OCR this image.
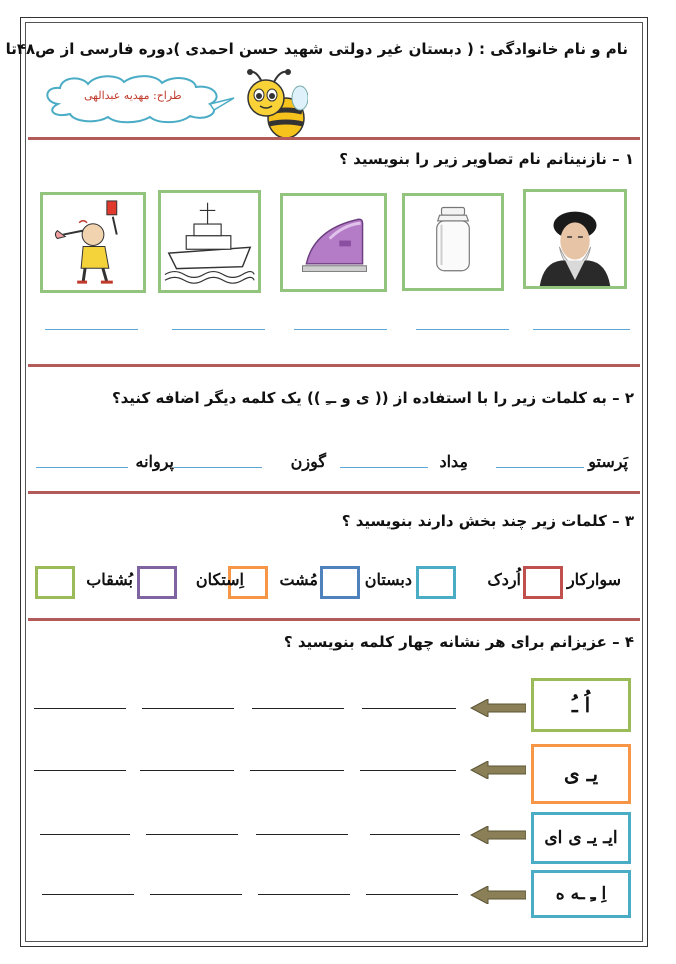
نام و نام خانوادگی : ( دبستان غیر دولتی شهید حسن احمدی )دوره فارسی از ص۴۸تا
طراح: مهدیه عبدالهی
۱ – نازنینانم نام تصاویر زیر را بنویسید ؟
۲ – به کلمات زیر را با استفاده از (( ی و ــِ )) یک کلمه دیگر اضافه کنید؟
پَرستو
مِداد
گوزن
پروانه
۳ – کلمات زیر چند بخش دارند بنویسید ؟
سوارکار
اُردک
دبستان
مُشت
اِستکان
بُشقاب
۴ – عزیزانم برای هر نشانه چهار کلمه بنویسید ؟
اُ ـُ
یـ ی
ایـ یـ ی ای
اِ ـِ ـه ه
